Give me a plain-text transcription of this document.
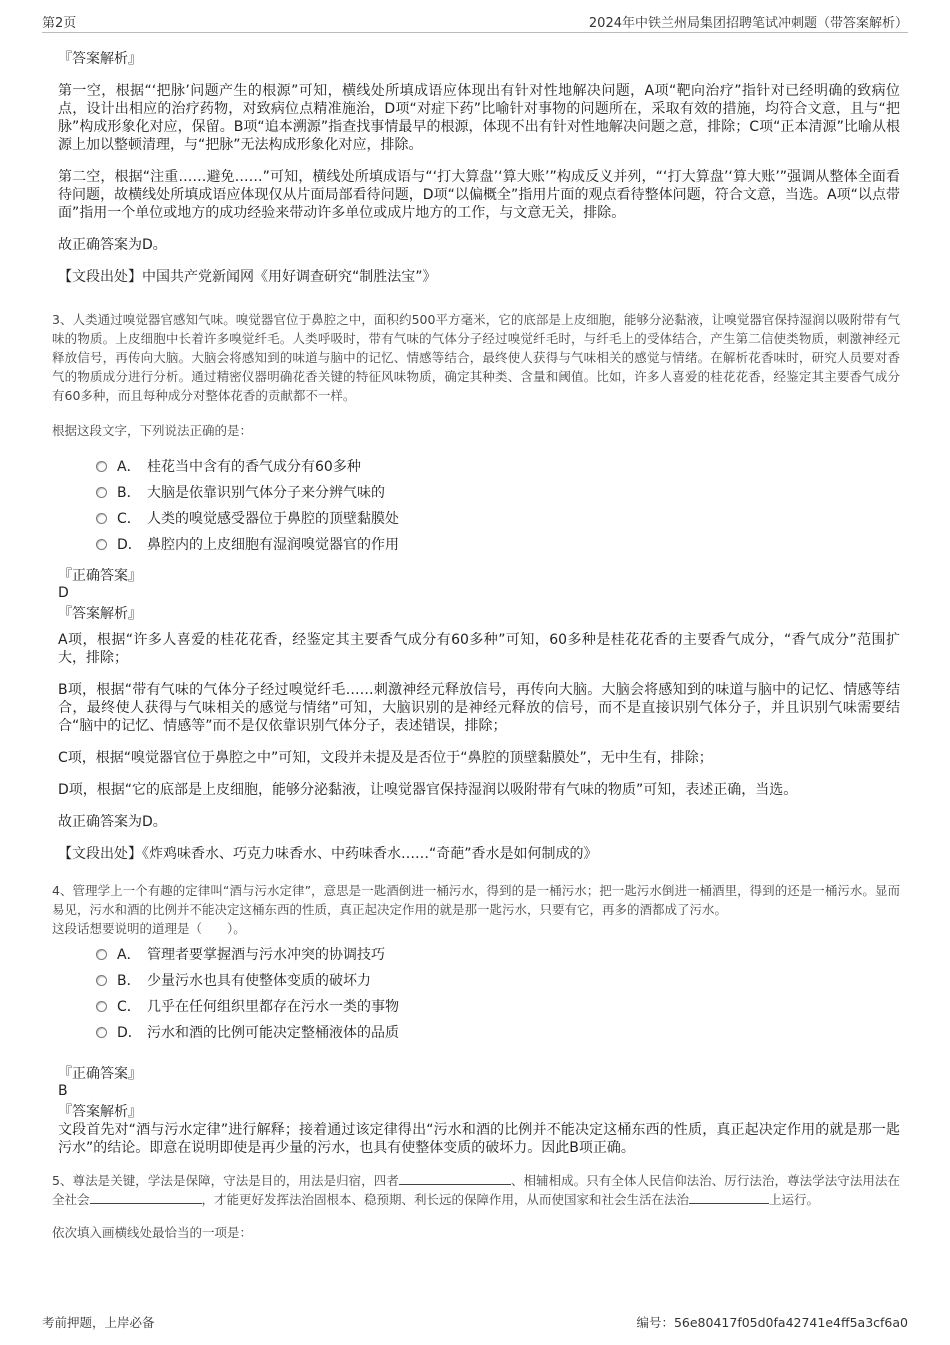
第2页	2024年中铁兰州局集团招聘笔试冲刺题（带答案解析）
『答案解析』
第一空，根据“‘把脉’问题产生的根源”可知，横线处所填成语应体现出有针对性地解决问题，A项“靶向治疗”指针对已经明确的致病位点，设计出相应的治疗药物，对致病位点精准施治，D项“对症下药”比喻针对事物的问题所在，采取有效的措施，均符合文意，且与“把脉”构成形象化对应，保留。B项“追本溯源”指查找事情最早的根源，体现不出有针对性地解决问题之意，排除；C项“正本清源”比喻从根源上加以整顿清理，与“把脉”无法构成形象化对应，排除。
第二空，根据“注重……避免……”可知，横线处所填成语与“‘打大算盘’‘算大账’”构成反义并列，“‘打大算盘’‘算大账’”强调从整体全面看待问题，故横线处所填成语应体现仅从片面局部看待问题，D项“以偏概全”指用片面的观点看待整体问题，符合文意，当选。A项“以点带面”指用一个单位或地方的成功经验来带动许多单位或成片地方的工作，与文意无关，排除。
故正确答案为D。
【文段出处】中国共产党新闻网《用好调查研究“制胜法宝”》
3、人类通过嗅觉器官感知气味。嗅觉器官位于鼻腔之中，面积约500平方毫米，它的底部是上皮细胞，能够分泌黏液，让嗅觉器官保持湿润以吸附带有气味的物质。上皮细胞中长着许多嗅觉纤毛。人类呼吸时，带有气味的气体分子经过嗅觉纤毛时，与纤毛上的受体结合，产生第二信使类物质，刺激神经元释放信号，再传向大脑。大脑会将感知到的味道与脑中的记忆、情感等结合，最终使人获得与气味相关的感觉与情绪。在解析花香味时，研究人员要对香气的物质成分进行分析。通过精密仪器明确花香关键的特征风味物质，确定其种类、含量和阈值。比如，许多人喜爱的桂花花香，经鉴定其主要香气成分有60多种，而且每种成分对整体花香的贡献都不一样。
根据这段文字，下列说法正确的是：
A． 桂花当中含有的香气成分有60多种
B． 大脑是依靠识别气体分子来分辨气味的
C． 人类的嗅觉感受器位于鼻腔的顶壁黏膜处
D． 鼻腔内的上皮细胞有湿润嗅觉器官的作用
『正确答案』
D
『答案解析』
A项，根据“许多人喜爱的桂花花香，经鉴定其主要香气成分有60多种”可知，60多种是桂花花香的主要香气成分，“香气成分”范围扩大，排除；
B项，根据“带有气味的气体分子经过嗅觉纤毛……刺激神经元释放信号，再传向大脑。大脑会将感知到的味道与脑中的记忆、情感等结合，最终使人获得与气味相关的感觉与情绪”可知，大脑识别的是神经元释放的信号，而不是直接识别气体分子，并且识别气味需要结合“脑中的记忆、情感等”而不是仅依靠识别气体分子，表述错误，排除；
C项，根据“嗅觉器官位于鼻腔之中”可知，文段并未提及是否位于“鼻腔的顶壁黏膜处”，无中生有，排除；
D项，根据“它的底部是上皮细胞，能够分泌黏液，让嗅觉器官保持湿润以吸附带有气味的物质”可知，表述正确，当选。
故正确答案为D。
【文段出处】《炸鸡味香水、巧克力味香水、中药味香水……“奇葩”香水是如何制成的》
4、管理学上一个有趣的定律叫“酒与污水定律”，意思是一匙酒倒进一桶污水，得到的是一桶污水；把一匙污水倒进一桶酒里，得到的还是一桶污水。显而易见，污水和酒的比例并不能决定这桶东西的性质，真正起决定作用的就是那一匙污水，只要有它，再多的酒都成了污水。
这段话想要说明的道理是（　　）。
A． 管理者要掌握酒与污水冲突的协调技巧
B． 少量污水也具有使整体变质的破坏力
C． 几乎在任何组织里都存在污水一类的事物
D． 污水和酒的比例可能决定整桶液体的品质
『正确答案』
B
『答案解析』
文段首先对“酒与污水定律”进行解释；接着通过该定律得出“污水和酒的比例并不能决定这桶东西的性质，真正起决定作用的就是那一匙污水”的结论。即意在说明即使是再少量的污水，也具有使整体变质的破坏力。因此B项正确。
5、尊法是关键，学法是保障，守法是目的，用法是归宿，四者	、相辅相成。只有全体人民信仰法治、厉行法治，尊法学法守法用法在全社会	，才能更好发挥法治固根本、稳预期、利长远的保障作用，从而使国家和社会生活在法治	上运行。
依次填入画横线处最恰当的一项是：
考前押题，上岸必备	编号：56e80417f05d0fa42741e4ff5a3cf6a0
